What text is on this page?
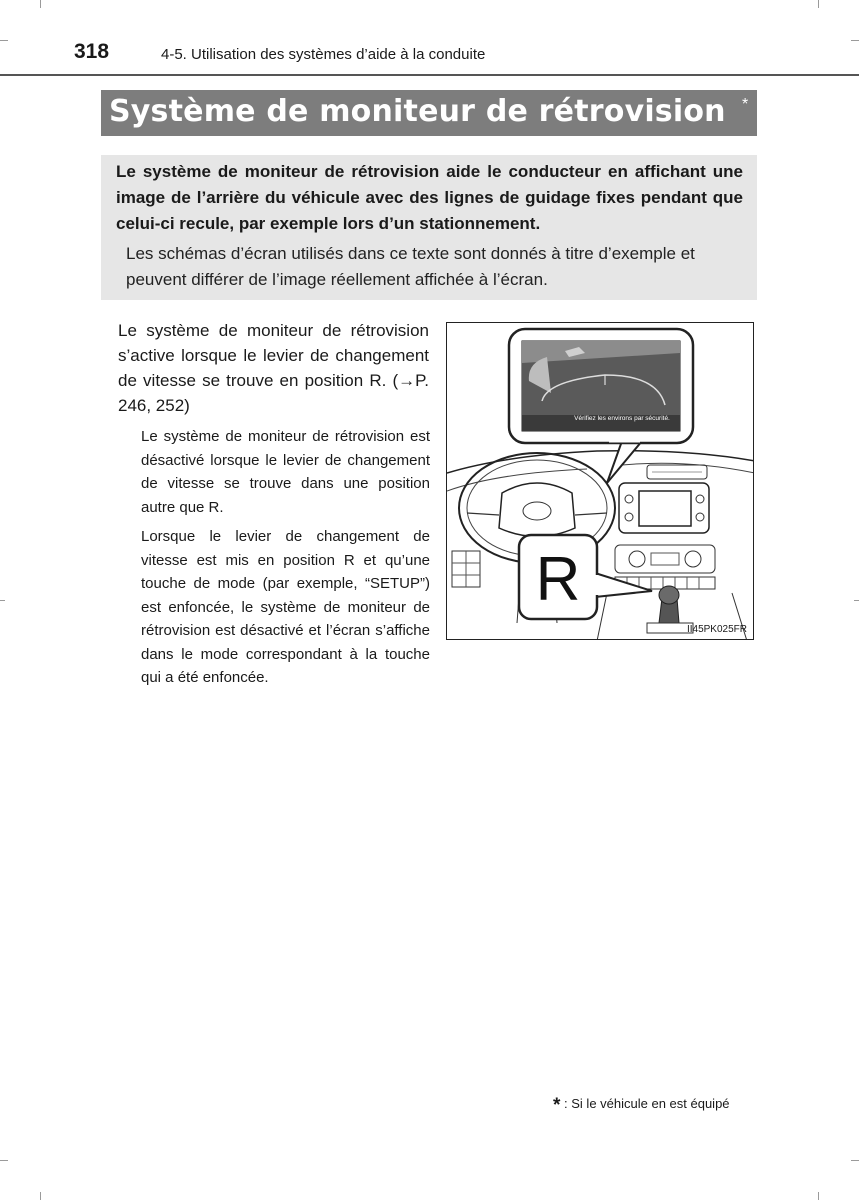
318	4-5. Utilisation des systèmes d’aide à la conduite
Système de moniteur de rétrovision *
Le système de moniteur de rétrovision aide le conducteur en affichant une image de l’arrière du véhicule avec des lignes de guidage fixes pendant que celui-ci recule, par exemple lors d’un stationnement.
Les schémas d’écran utilisés dans ce texte sont donnés à titre d’exemple et peuvent différer de l’image réellement affichée à l’écran.
Le système de moniteur de rétrovision s’active lorsque le levier de changement de vitesse se trouve en position R. (→P. 246, 252)
Le système de moniteur de rétrovision est désactivé lorsque le levier de changement de vitesse se trouve dans une position autre que R.
Lorsque le levier de changement de vitesse est mis en position R et qu’une touche de mode (par exemple, “SETUP”) est enfoncée, le système de moniteur de rétrovision est désactivé et l’écran s’affiche dans le mode correspondant à la touche qui a été enfoncée.
Vérifiez les environs par sécurité.
R
II45PK025FR
* : Si le véhicule en est équipé
